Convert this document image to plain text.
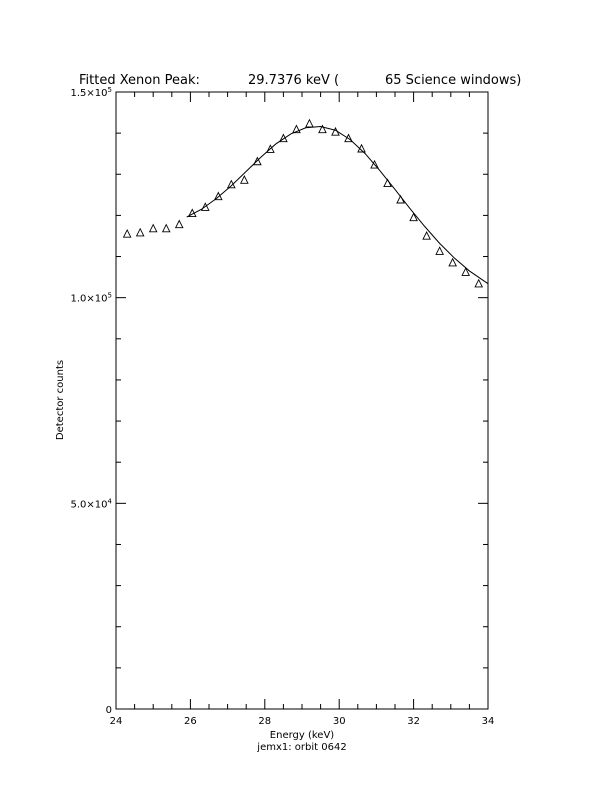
24	26	28	30	32	34
0
$5.0\times 10^4$
$1.0\times 10^5$
$1.5\times 10^5$
Fitted Xenon Peak:	29.7376 keV (	65 Science windows)
Energy (keV)
jemx1: orbit 0642
Detector counts
